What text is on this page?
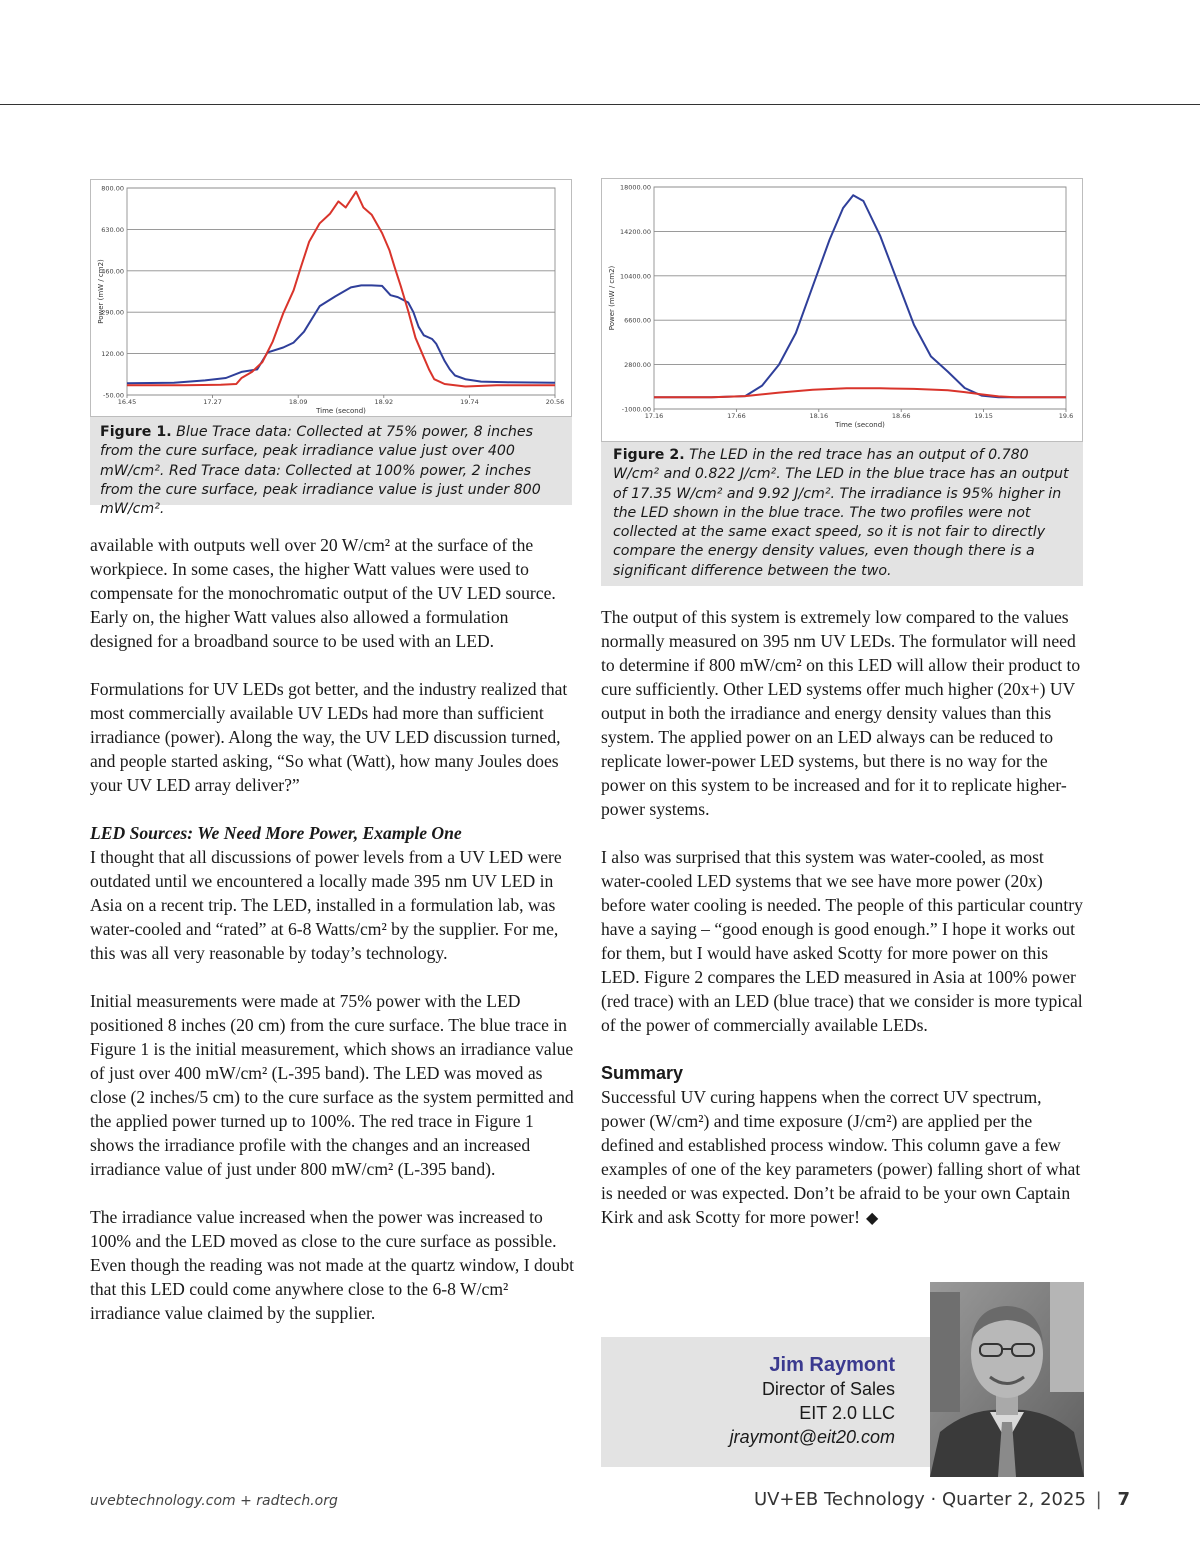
800.00
630.00
460.00
290.00
120.00
-50.00
16.45	17.27	18.09	18.92	19.74	20.56
Time (second)
Power (mW / cm2)
Figure 1. Blue Trace data: Collected at 75% power, 8 inches from the cure surface, peak irradiance value just over 400 mW/cm². Red Trace data: Collected at 100% power, 2 inches from the cure surface, peak irradiance value is just under 800 mW/cm².
18000.00
14200.00
10400.00
6600.00
2800.00
-1000.00
17.16	17.66	18.16	18.66	19.15	19.6
Time (second)
Power (mW / cm2)
Figure 2. The LED in the red trace has an output of 0.780 W/cm² and 0.822 J/cm². The LED in the blue trace has an output of 17.35 W/cm² and 9.92 J/cm². The irradiance is 95% higher in the LED shown in the blue trace. The two profiles were not collected at the same exact speed, so it is not fair to directly compare the energy density values, even though there is a significant difference between the two.

available with outputs well over 20 W/cm² at the surface of the workpiece. In some cases, the higher Watt values were used to compensate for the monochromatic output of the UV LED source. Early on, the higher Watt values also allowed a formulation designed for a broadband source to be used with an LED.

Formulations for UV LEDs got better, and the industry realized that most commercially available UV LEDs had more than sufficient irradiance (power). Along the way, the UV LED discussion turned, and people started asking, “So what (Watt), how many Joules does your UV LED array deliver?”

LED Sources: We Need More Power, Example One

I thought that all discussions of power levels from a UV LED were outdated until we encountered a locally made 395 nm UV LED in Asia on a recent trip. The LED, installed in a formulation lab, was water-cooled and “rated” at 6-8 Watts/cm² by the supplier. For me, this was all very reasonable by today’s technology.

Initial measurements were made at 75% power with the LED positioned 8 inches (20 cm) from the cure surface. The blue trace in Figure 1 is the initial measurement, which shows an irradiance value of just over 400 mW/cm² (L-395 band). The LED was moved as close (2 inches/5 cm) to the cure surface as the system permitted and the applied power turned up to 100%. The red trace in Figure 1 shows the irradiance profile with the changes and an increased irradiance value of just under 800 mW/cm² (L-395 band).

The irradiance value increased when the power was increased to 100% and the LED moved as close to the cure surface as possible. Even though the reading was not made at the quartz window, I doubt that this LED could come anywhere close to the 6-8 W/cm² irradiance value claimed by the supplier.

The output of this system is extremely low compared to the values normally measured on 395 nm UV LEDs. The formulator will need to determine if 800 mW/cm² on this LED will allow their product to cure sufficiently. Other LED systems offer much higher (20x+) UV output in both the irradiance and energy density values than this system. The applied power on an LED always can be reduced to replicate lower-power LED systems, but there is no way for the power on this system to be increased and for it to replicate higher-power systems.

I also was surprised that this system was water-cooled, as most water-cooled LED systems that we see have more power (20x) before water cooling is needed. The people of this particular country have a saying – “good enough is good enough.” I hope it works out for them, but I would have asked Scotty for more power on this LED. Figure 2 compares the LED measured in Asia at 100% power (red trace) with an LED (blue trace) that we consider is more typical of the power of commercially available LEDs.

Summary

Successful UV curing happens when the correct UV spectrum, power (W/cm²) and time exposure (J/cm²) are applied per the defined and established process window. This column gave a few examples of one of the key parameters (power) falling short of what is needed or was expected. Don’t be afraid to be your own Captain Kirk and ask Scotty for more power! ◆

Jim Raymont
Director of Sales
EIT 2.0 LLC
jraymont@eit20.com
uvebtechnology.com + radtech.org	UV+EB Technology · Quarter 2, 2025 | 7
